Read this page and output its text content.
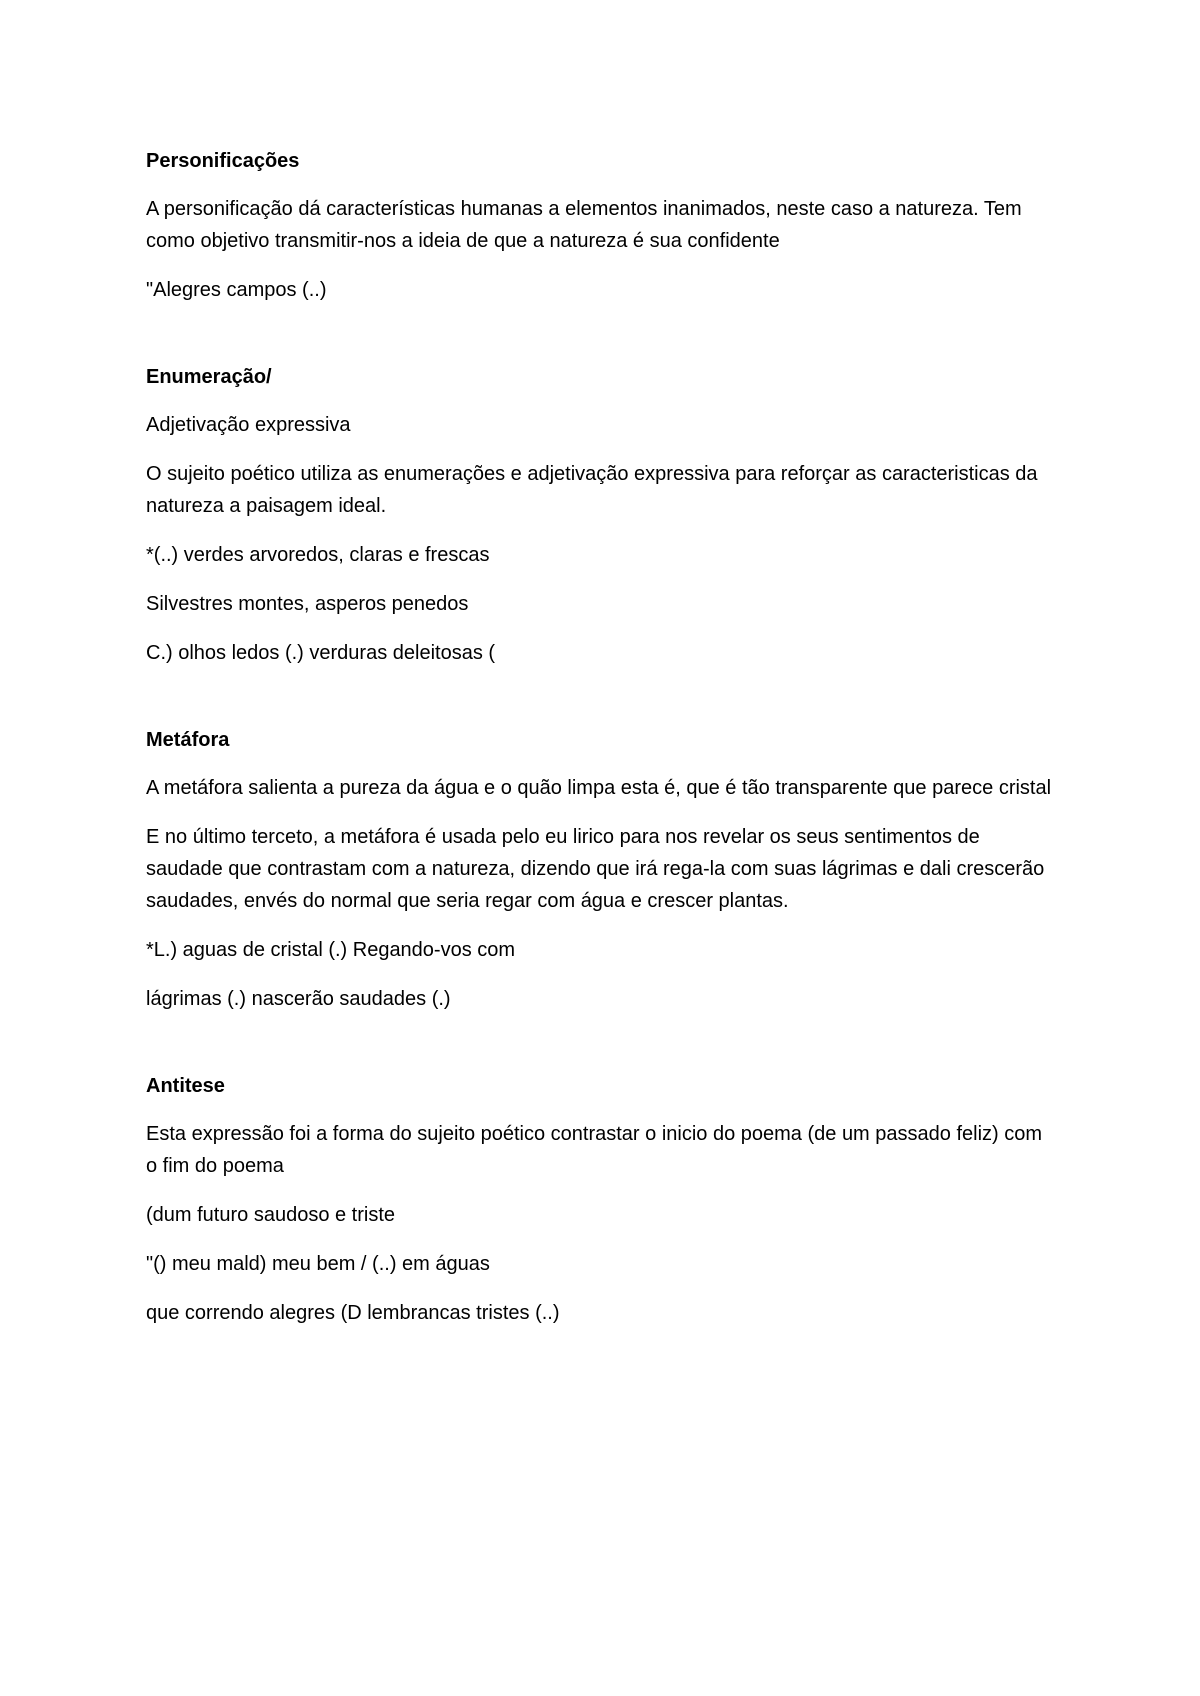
Personificações
A personificação dá características humanas a elementos inanimados, neste caso a natureza. Tem como objetivo transmitir-nos a ideia de que a natureza é sua confidente
"Alegres campos (..)
Enumeração/
Adjetivação expressiva
O sujeito poético utiliza as enumerações e adjetivação expressiva para reforçar as caracteristicas da natureza a paisagem ideal.
*(..) verdes arvoredos, claras e frescas
Silvestres montes, asperos penedos
C.) olhos ledos (.) verduras deleitosas (
Metáfora
A metáfora salienta a pureza da água e o quão limpa esta é, que é tão transparente que parece cristal
E no último terceto, a metáfora é usada pelo eu lirico para nos revelar os seus sentimentos de saudade que contrastam com a natureza, dizendo que irá rega-la com suas lágrimas e dali crescerão saudades, envés do normal que seria regar com água e crescer plantas.
*L.) aguas de cristal (.) Regando-vos com
lágrimas (.) nascerão saudades (.)
Antitese
Esta expressão foi a forma do sujeito poético contrastar o inicio do poema (de um passado feliz) com o fim do poema
(dum futuro saudoso e triste
"() meu mald) meu bem / (..) em águas
que correndo alegres (D lembrancas tristes (..)
